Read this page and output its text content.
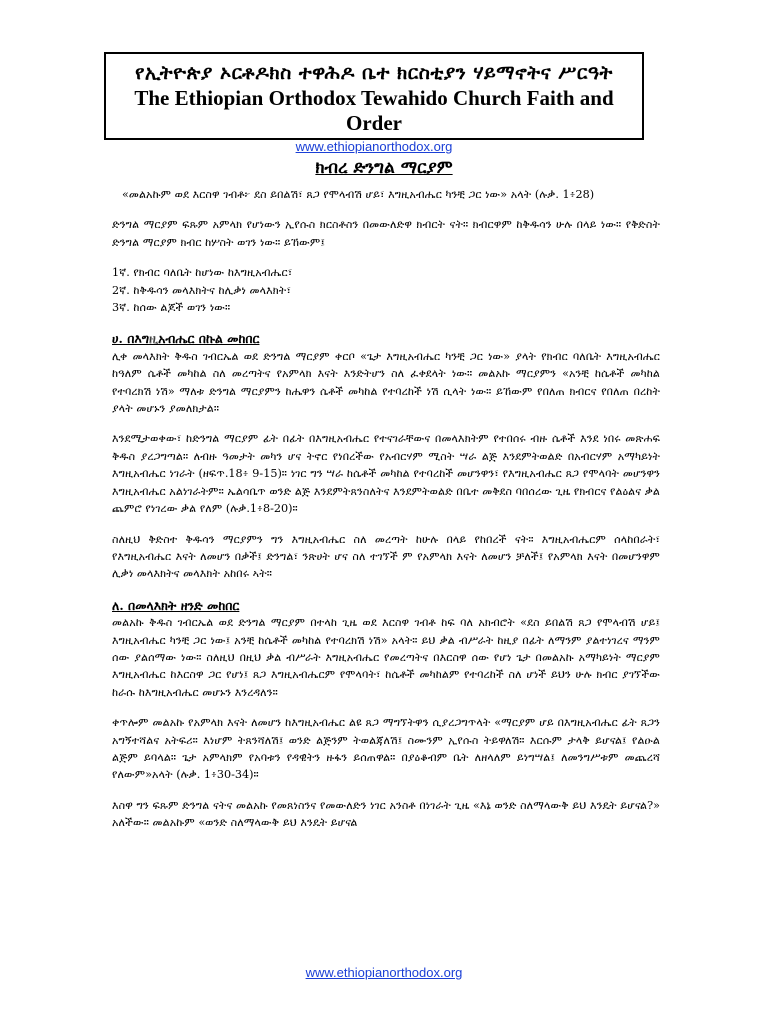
የኢትዮጵያ ኦርቶዶክስ ተዋሕዶ ቤተ ክርስቲያን ሃይማኖትና ሥርዓት
The Ethiopian Orthodox Tewahido Church Faith and Order
www.ethiopianorthodox.org
ክብረ ድንግል ማርያም

«መልአኩም ወደ እርስዋ ገብቶ፦ ደስ ይበልሽ፣ ጸጋ የሞላብሽ ሆይ፣ እግዚአብሔር ካንቺ ጋር ነው» አላት (ሉቃ. 1፥28)

ድንግል ማርያም ፍጹም አምላክ የሆነውን ኢየሱስ ክርስቶስን በመውለድዋ ክብርት ናት። ክብርዋም ከቅዱሳን ሁሉ በላይ ነው። የቅድስት ድንግል ማርያም ክብር ከሦስት ወገን ነው። ይኸውም፤

1ኛ. የክብር ባለቤት ከሆነው ከእግዚአብሔር፣
2ኛ. ከቅዱሳን መላእክትና ከሊቃነ መላእክት፣
3ኛ. ከሰው ልጆች ወገን ነው።
ሀ. በእግዚአብሔር በኩል መከበር

ሊቀ መላእክት ቅዱስ ገብርኤል ወደ ድንግል ማርያም ቀርቦ «ጌታ እግዚአብሔር ካንቺ ጋር ነው» ያላት የክብር ባለቤት እግዚአብሔር ከዓለም ሴቶች መካከል ስለ መረጣትና የአምላክ እናት እንድትሆን ስለ ፈቀደላት ነው። መልአኩ ማርያምን «አንቺ ከሴቶች መካከል የተባረክሽ ነሽ» ማለቱ ድንግል ማርያምን ከሔዋን ሴቶች መካከል የተባረከች ነሽ ሲላት ነው። ይኸውም የበለጠ ክብርና የበለጠ በረከት ያላት መሆኑን ያመለክታል።

እንደሚታወቀው፣ ከድንግል ማርያም ፊት በፊት በእግዚአብሔር የተናገራቸውና በመላእክትም የተበሰሩ ብዙ ሴቶች እንደ ነበሩ መጽሐፍ ቅዱስ ያረጋግጣል። ለብዙ ዓመታት መካን ሆና ትኖር የነበረችው የአብርሃም ሚስት ሣራ ልጅ እንደምትወልድ በአብርሃም አማካይነት እግዚአብሔር ነገራት (ዘፍጥ.18፥ 9-15)። ነገር ግን ሣራ ከሴቶች መካከል የተባረከች መሆንዋን፣ የእግዚአብሔር ጸጋ የሞላባት መሆንዋን እግዚአብሔር አልነገራትም። ኤልሳቤጥ ወንድ ልጅ እንደምትጸንስለትና እንደምትወልድ በቤተ መቅደስ ባበሰረው ጊዜ የክብርና የልዕልና ቃል ጨምሮ የነገረው ቃል የለም (ሉቃ.1፥8-20)።

ስለዚህ ቅድስተ ቅዱሳን ማርያምን ግን እግዚአብሔር ስለ መረጣት ከሁሉ በላይ የከበረች ናት። እግዚአብሔርም ሰላከበራት፣ የእግዚአብሔር እናት ለመሆን በቃች፤ ድንግል፣ ንጽሀት ሆና ስለ ተገኘች ም የአምላክ እናት ለመሆን ቻለች፤ የአምላክ እናት በመሆንዋም ሊቃነ መላእክትና መላእክት አከበሩ ኣት።

ለ. በመላእክት ዘንድ መከበር

መልአኩ ቅዱስ ገብርኤል ወደ ድንግል ማርያም በተላከ ጊዜ ወደ እርስዋ ገብቶ ከፍ ባለ አክብሮት «ደስ ይበልሽ ጸጋ የሞላብሽ ሆይ፤ እግዚአብሔር ካንቺ ጋር ነው፤ አንቺ ከሴቶች መካከል የተባረክሽ ነሽ» አላት። ይህ ቃል ብሥራት ከዚያ በፊት ለማንም ያልተነገረና ማንም ሰው ያልሰማው ነው። ስለዚህ በዚህ ቃል ብሥራት እግዚአብሔር የመረጣትና በእርስዋ ሰው የሆነ ጌታ በመልአኩ አማካይነት ማርያም እግዚአብሔር ከእርስዋ ጋር የሆነ፤ ጸጋ እግዚአብሔርም የሞላባት፣ ከሴቶች መካከልም የተባረከች ስለ ሆነች ይህን ሁሉ ክብር ያገኘችው ከራሱ ከእግዚአብሔር መሆኑን እንረዳለን።

ቀጥሎም መልአኩ የአምላክ እናት ለመሆን ከእግዚአብሔር ልዩ ጸጋ ማግኘትዋን ሲያረጋግጥላት «ማርያም ሆይ በእግዚአብሔር ፊት ጸጋን አግኝተሻልና አትፍሪ። እነሆም ትጸንሻለሽ፤ ወንድ ልጅንም ትወልጃለሽ፤ ስሙንም ኢየሱስ ትይዋለሽ። እርሱም ታላቅ ይሆናል፤ የልዑል ልጅም ይባላል። ጌታ አምላክም የአባቱን የዳዊትን ዙፋን ይሰጠዋል። በያዕቆብም ቤት ለዘላለም ይነግሣል፤ ለመንግሥቱም መጨረሻ የለውም»አላት (ሉቃ. 1፥30-34)።

እስዋ ግን ፍጹም ድንግል ናትና መልአኩ የመጸነስንና የመውለድን ነገር አንስቶ በነገራት ጊዜ «እኔ ወንድ ስለማላውቅ ይህ እንዴት ይሆናል?» አለችው። መልአኩም «ወንድ ስለማላውቅ ይህ እንዴት ይሆናል

www.ethiopianorthodox.org
